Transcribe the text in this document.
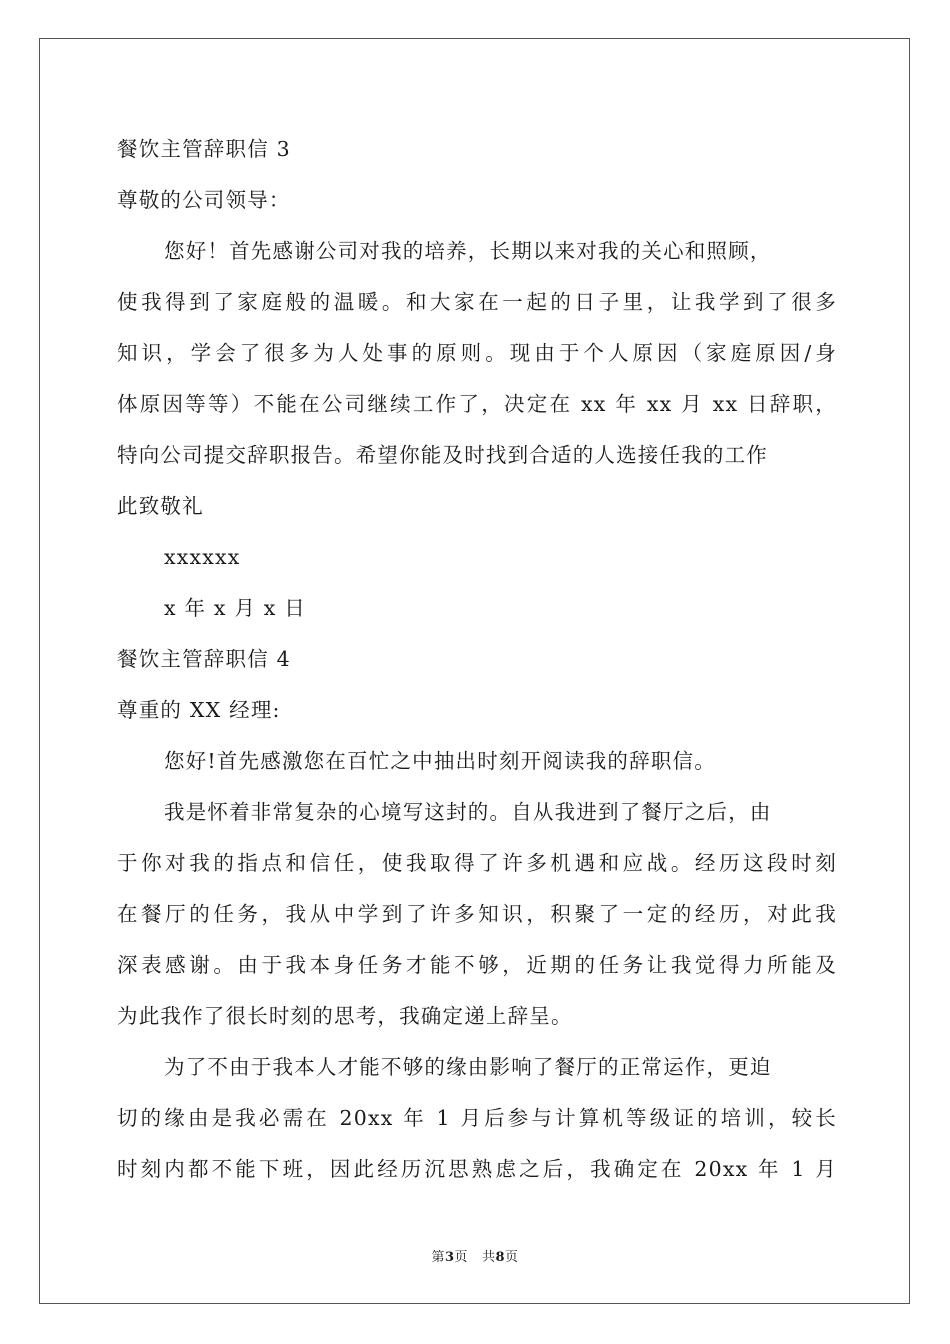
餐饮主管辞职信 3
尊敬的公司领导：
您好！首先感谢公司对我的培养，长期以来对我的关心和照顾，
使我得到了家庭般的温暖。和大家在一起的日子里，让我学到了很多
知识，学会了很多为人处事的原则。现由于个人原因（家庭原因/身
体原因等等）不能在公司继续工作了，决定在 xx 年 xx 月 xx 日辞职，
特向公司提交辞职报告。希望你能及时找到合适的人选接任我的工作
此致敬礼
xxxxxx
x 年 x 月 x 日
餐饮主管辞职信 4
尊重的 XX 经理:
您好!首先感激您在百忙之中抽出时刻开阅读我的辞职信。
我是怀着非常复杂的心境写这封的。自从我进到了餐厅之后，由
于你对我的指点和信任，使我取得了许多机遇和应战。经历这段时刻
在餐厅的任务，我从中学到了许多知识，积聚了一定的经历，对此我
深表感谢。由于我本身任务才能不够，近期的任务让我觉得力所能及
为此我作了很长时刻的思考，我确定递上辞呈。
为了不由于我本人才能不够的缘由影响了餐厅的正常运作，更迫
切的缘由是我必需在 20xx 年 1 月后参与计算机等级证的培训，较长
时刻内都不能下班，因此经历沉思熟虑之后，我确定在 20xx 年 1 月
第3页 共8页
